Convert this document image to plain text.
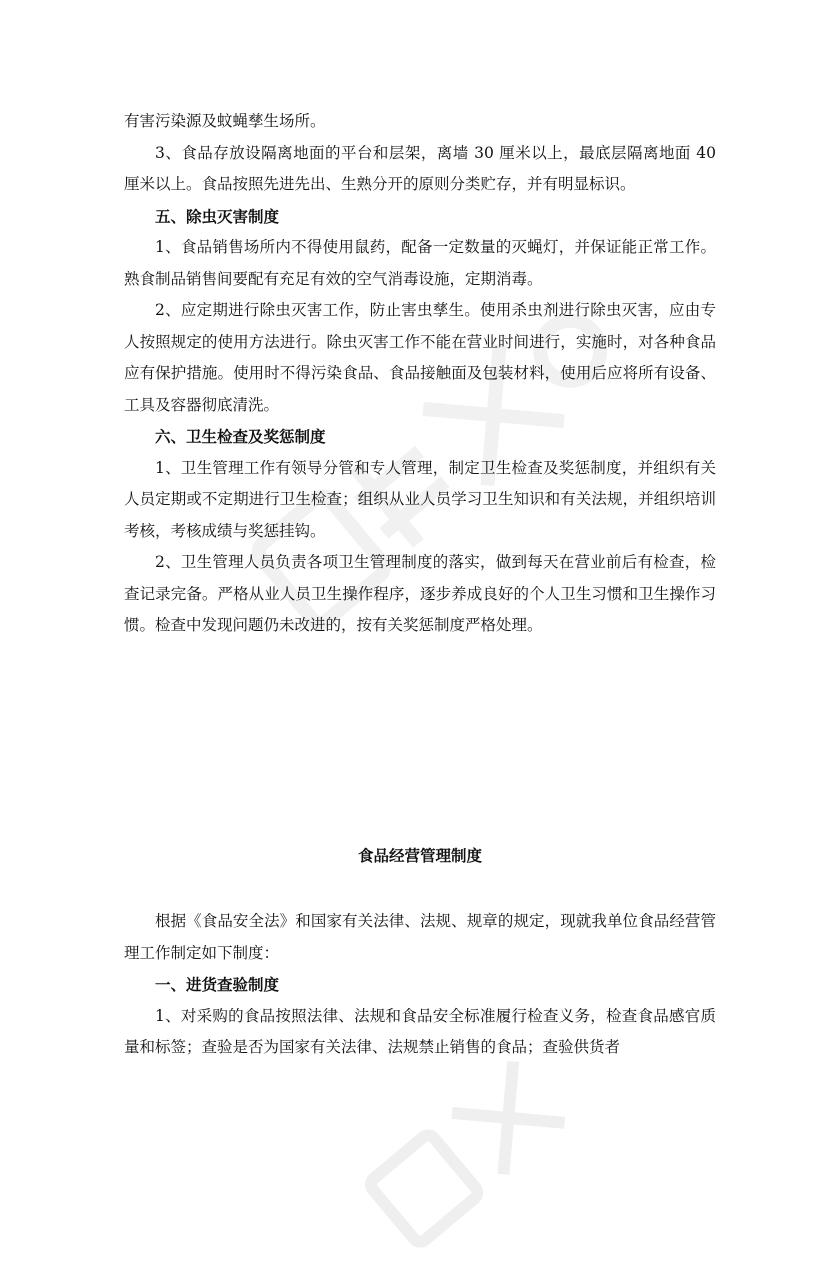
有害污染源及蚊蝇孳生场所。

3、食品存放设隔离地面的平台和层架，离墙 30 厘米以上，最底层隔离地面 40 厘米以上。食品按照先进先出、生熟分开的原则分类贮存，并有明显标识。

五、除虫灭害制度

1、食品销售场所内不得使用鼠药，配备一定数量的灭蝇灯，并保证能正常工作。熟食制品销售间要配有充足有效的空气消毒设施，定期消毒。

2、应定期进行除虫灭害工作，防止害虫孳生。使用杀虫剂进行除虫灭害，应由专人按照规定的使用方法进行。除虫灭害工作不能在营业时间进行，实施时，对各种食品应有保护措施。使用时不得污染食品、食品接触面及包装材料，使用后应将所有设备、工具及容器彻底清洗。

六、卫生检查及奖惩制度

1、卫生管理工作有领导分管和专人管理，制定卫生检查及奖惩制度，并组织有关人员定期或不定期进行卫生检查；组织从业人员学习卫生知识和有关法规，并组织培训考核，考核成绩与奖惩挂钩。

2、卫生管理人员负责各项卫生管理制度的落实，做到每天在营业前后有检查，检查记录完备。严格从业人员卫生操作程序，逐步养成良好的个人卫生习惯和卫生操作习惯。检查中发现问题仍未改进的，按有关奖惩制度严格处理。

食品经营管理制度

根据《食品安全法》和国家有关法律、法规、规章的规定，现就我单位食品经营管理工作制定如下制度：

一、进货查验制度

1、对采购的食品按照法律、法规和食品安全标准履行检查义务，检查食品感官质量和标签；查验是否为国家有关法律、法规禁止销售的食品；查验供货者
